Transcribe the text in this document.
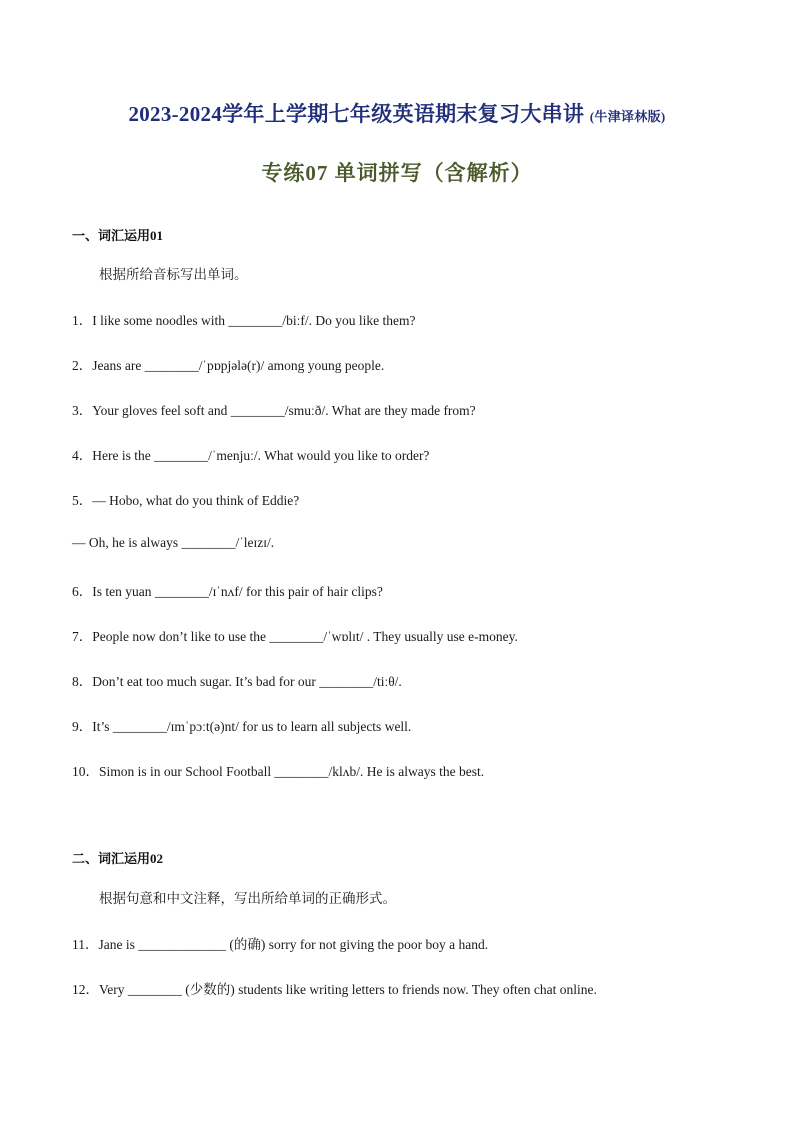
2023-2024学年上学期七年级英语期末复习大串讲 (牛津译林版)
专练07 单词拼写（含解析）
一、词汇运用01
根据所给音标写出单词。
1．I like some noodles with ________/biːf/. Do you like them?
2．Jeans are ________/ˈpɒpjələ(r)/ among young people.
3．Your gloves feel soft and ________/smuːð/. What are they made from?
4．Here is the ________/ˈmenjuː/. What would you like to order?
5．— Hobo, what do you think of Eddie?
— Oh, he is always ________/ˈleɪzɪ/.
6．Is ten yuan ________/ɪˈnʌf/ for this pair of hair clips?
7．People now don’t like to use the ________/ˈwɒlɪt/ . They usually use e-money.
8．Don’t eat too much sugar. It’s bad for our ________/tiːθ/.
9．It’s ________/ɪmˈpɔːt(ə)nt/ for us to learn all subjects well.
10．Simon is in our School Football ________/klʌb/. He is always the best.
二、词汇运用02
根据句意和中文注释，写出所给单词的正确形式。
11．Jane is _____________ (的确) sorry for not giving the poor boy a hand.
12．Very ________ (少数的) students like writing letters to friends now. They often chat online.
